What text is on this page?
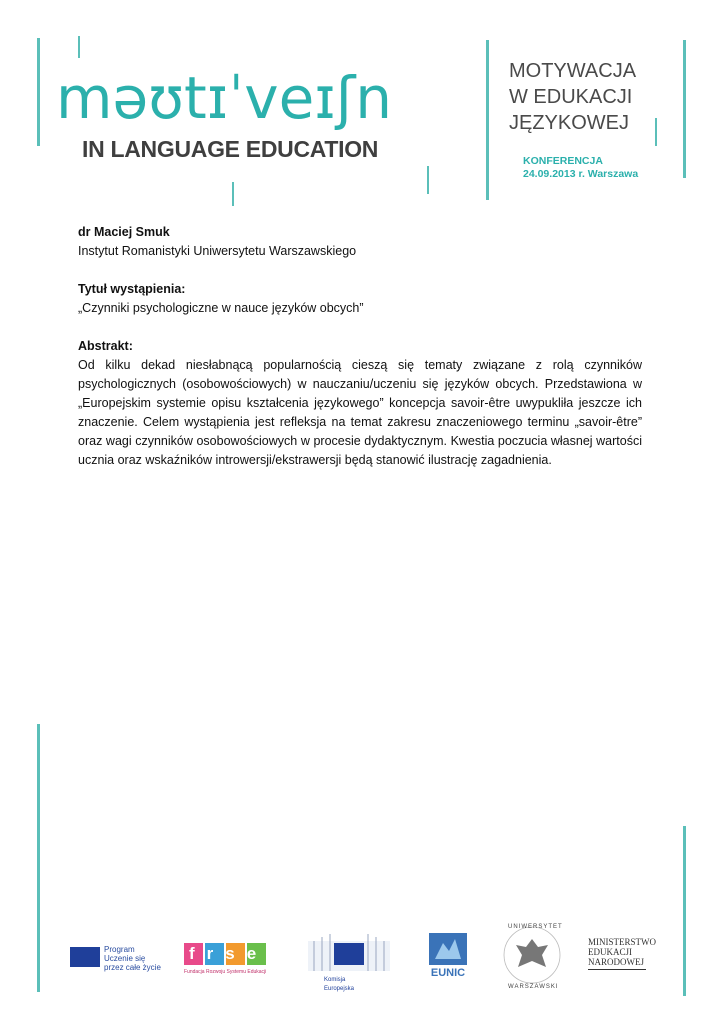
məʊtɪˈveɪʃn
IN LANGUAGE EDUCATION
MOTYWACJA
W EDUKACJI
JĘZYKOWEJ
KONFERENCJA
24.09.2013 r. Warszawa

dr Maciej Smuk

Instytut Romanistyki Uniwersytetu Warszawskiego

Tytuł wystąpienia:

„Czynniki psychologiczne w nauce języków obcych”

Abstrakt:

Od kilku dekad niesłabnącą popularnością cieszą się tematy związane z rolą czynników psychologicznych (osobowościowych) w nauczaniu/uczeniu się języków obcych. Przedstawiona w „Europejskim systemie opisu kształcenia językowego” koncepcja savoir-être uwypukliła jeszcze ich znaczenie. Celem wystąpienia jest refleksja na temat zakresu znaczeniowego terminu „savoir-être” oraz wagi czynników osobowościowych w procesie dydaktycznym. Kwestia poczucia własnej wartości ucznia oraz wskaźników introwersji/ekstrawersji będą stanowić ilustrację zagadnienia.

Program
Uczenie się
przez całe życie
frse
Fundacja Rozwoju Systemu Edukacji
Komisja
Europejska
EUNIC
UNIWERSYTET
WARSZAWSKI
MINISTERSTWO
EDUKACJI
NARODOWEJ
